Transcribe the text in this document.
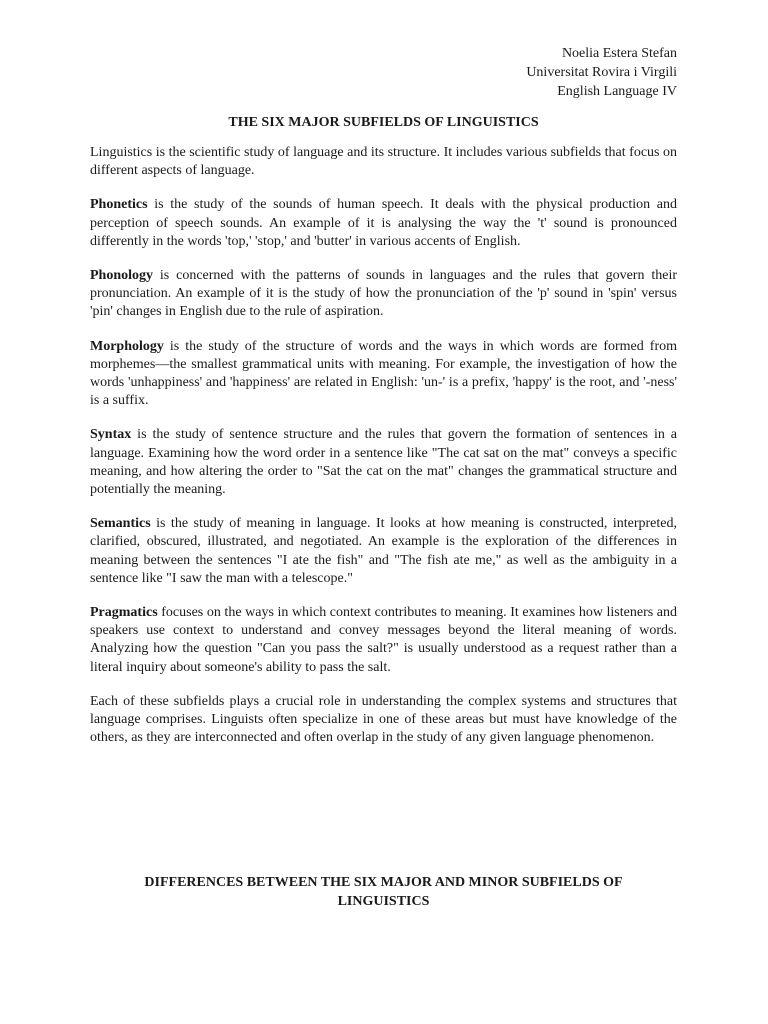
Noelia Estera Stefan
Universitat Rovira i Virgili
English Language IV
THE SIX MAJOR SUBFIELDS OF LINGUISTICS

Linguistics is the scientific study of language and its structure. It includes various subfields that focus on different aspects of language.

Phonetics is the study of the sounds of human speech. It deals with the physical production and perception of speech sounds. An example of it is analysing the way the 't' sound is pronounced differently in the words 'top,' 'stop,' and 'butter' in various accents of English.

Phonology is concerned with the patterns of sounds in languages and the rules that govern their pronunciation. An example of it is the study of how the pronunciation of the 'p' sound in 'spin' versus 'pin' changes in English due to the rule of aspiration.

Morphology is the study of the structure of words and the ways in which words are formed from morphemes—the smallest grammatical units with meaning. For example, the investigation of how the words 'unhappiness' and 'happiness' are related in English: 'un-' is a prefix, 'happy' is the root, and '-ness' is a suffix.

Syntax is the study of sentence structure and the rules that govern the formation of sentences in a language. Examining how the word order in a sentence like "The cat sat on the mat" conveys a specific meaning, and how altering the order to "Sat the cat on the mat" changes the grammatical structure and potentially the meaning.

Semantics is the study of meaning in language. It looks at how meaning is constructed, interpreted, clarified, obscured, illustrated, and negotiated. An example is the exploration of the differences in meaning between the sentences "I ate the fish" and "The fish ate me," as well as the ambiguity in a sentence like "I saw the man with a telescope."

Pragmatics focuses on the ways in which context contributes to meaning. It examines how listeners and speakers use context to understand and convey messages beyond the literal meaning of words. Analyzing how the question "Can you pass the salt?" is usually understood as a request rather than a literal inquiry about someone's ability to pass the salt.

Each of these subfields plays a crucial role in understanding the complex systems and structures that language comprises. Linguists often specialize in one of these areas but must have knowledge of the others, as they are interconnected and often overlap in the study of any given language phenomenon.

DIFFERENCES BETWEEN THE SIX MAJOR AND MINOR SUBFIELDS OF
LINGUISTICS
